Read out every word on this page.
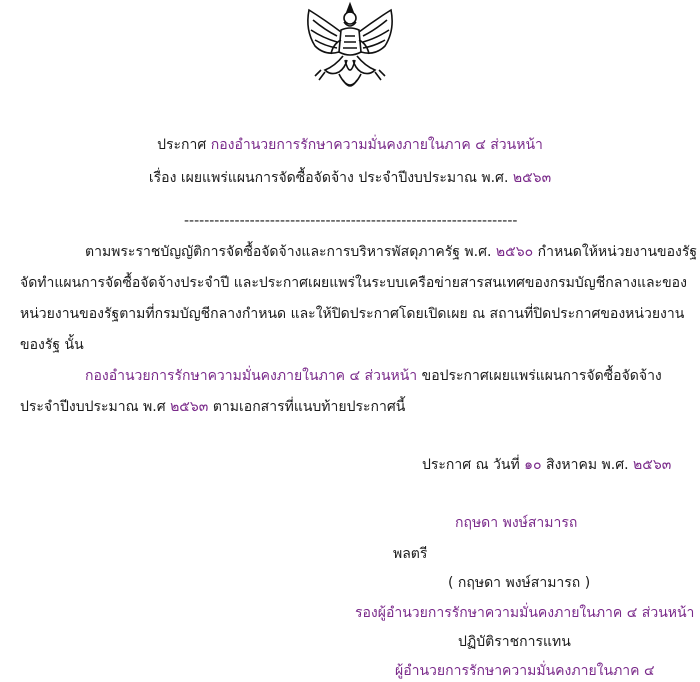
ประกาศ กองอำนวยการรักษาความมั่นคงภายในภาค ๔ ส่วนหน้า
เรื่อง เผยแพร่แผนการจัดซื้อจัดจ้าง ประจำปีงบประมาณ พ.ศ. ๒๕๖๓
------------------------------------------------------------------
ตามพระราชบัญญัติการจัดซื้อจัดจ้างและการบริหารพัสดุภาครัฐ พ.ศ. ๒๕๖๐ กำหนดให้หน่วยงานของรัฐ
จัดทำแผนการจัดซื้อจัดจ้างประจำปี และประกาศเผยแพร่ในระบบเครือข่ายสารสนเทศของกรมบัญชีกลางและของ
หน่วยงานของรัฐตามที่กรมบัญชีกลางกำหนด และให้ปิดประกาศโดยเปิดเผย ณ สถานที่ปิดประกาศของหน่วยงาน
ของรัฐ นั้น
กองอำนวยการรักษาความมั่นคงภายในภาค ๔ ส่วนหน้า ขอประกาศเผยแพร่แผนการจัดซื้อจัดจ้าง
ประจำปีงบประมาณ พ.ศ ๒๕๖๓ ตามเอกสารที่แนบท้ายประกาศนี้
ประกาศ ณ วันที่ ๑๐ สิงหาคม พ.ศ. ๒๕๖๓
กฤษดา พงษ์สามารถ
พลตรี
( กฤษดา พงษ์สามารถ )
รองผู้อำนวยการรักษาความมั่นคงภายในภาค ๔ ส่วนหน้า
ปฏิบัติราชการแทน
ผู้อำนวยการรักษาความมั่นคงภายในภาค ๔
